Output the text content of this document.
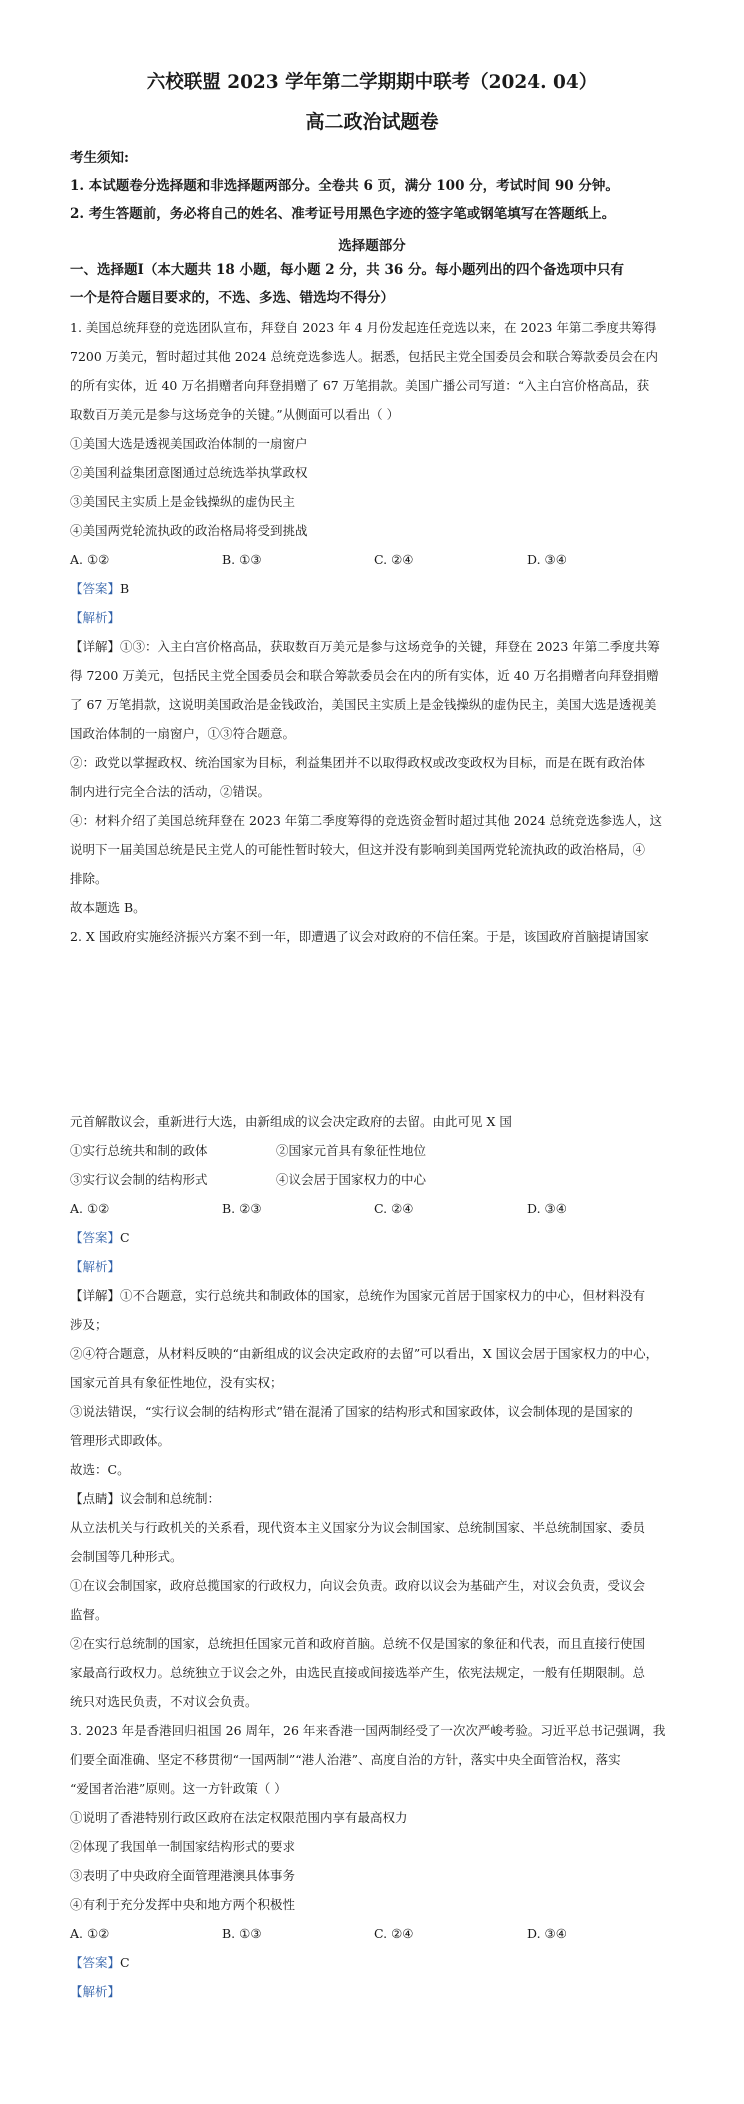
六校联盟 2023 学年第二学期期中联考（2024. 04）
高二政治试题卷
考生须知:
1. 本试题卷分选择题和非选择题两部分。全卷共 6 页，满分 100 分，考试时间 90 分钟。
2. 考生答题前，务必将自己的姓名、准考证号用黑色字迹的签字笔或钢笔填写在答题纸上。
选择题部分
一、选择题Ⅰ（本大题共 18 小题，每小题 2 分，共 36 分。每小题列出的四个备选项中只有
一个是符合题目要求的，不选、多选、错选均不得分）
1. 美国总统拜登的竞选团队宣布，拜登自 2023 年 4 月份发起连任竞选以来，在 2023 年第二季度共筹得
7200 万美元，暂时超过其他 2024 总统竞选参选人。据悉，包括民主党全国委员会和联合筹款委员会在内
的所有实体，近 40 万名捐赠者向拜登捐赠了 67 万笔捐款。美国广播公司写道：“入主白宫价格高品，获
取数百万美元是参与这场竞争的关键。”从侧面可以看出（ ）
①美国大选是透视美国政治体制的一扇窗户
②美国利益集团意图通过总统选举执掌政权
③美国民主实质上是金钱操纵的虚伪民主
④美国两党轮流执政的政治格局将受到挑战
A. ①②	B. ①③	C. ②④	D. ③④
【答案】B
【解析】
【详解】①③：入主白宫价格高品，获取数百万美元是参与这场竞争的关键，拜登在 2023 年第二季度共筹
得 7200 万美元，包括民主党全国委员会和联合筹款委员会在内的所有实体，近 40 万名捐赠者向拜登捐赠
了 67 万笔捐款，这说明美国政治是金钱政治，美国民主实质上是金钱操纵的虚伪民主，美国大选是透视美
国政治体制的一扇窗户，①③符合题意。
②：政党以掌握政权、统治国家为目标，利益集团并不以取得政权或改变政权为目标，而是在既有政治体
制内进行完全合法的活动，②错误。
④：材料介绍了美国总统拜登在 2023 年第二季度筹得的竞选资金暂时超过其他 2024 总统竞选参选人，这
说明下一届美国总统是民主党人的可能性暂时较大，但这并没有影响到美国两党轮流执政的政治格局，④
排除。
故本题选 B。
2. X 国政府实施经济振兴方案不到一年，即遭遇了议会对政府的不信任案。于是，该国政府首脑提请国家
元首解散议会，重新进行大选，由新组成的议会决定政府的去留。由此可见 X 国
①实行总统共和制的政体	②国家元首具有象征性地位
③实行议会制的结构形式	④议会居于国家权力的中心
A. ①②	B. ②③	C. ②④	D. ③④
【答案】C
【解析】
【详解】①不合题意，实行总统共和制政体的国家，总统作为国家元首居于国家权力的中心，但材料没有
涉及；
②④符合题意，从材料反映的“由新组成的议会决定政府的去留”可以看出，X 国议会居于国家权力的中心，
国家元首具有象征性地位，没有实权；
③说法错误，“实行议会制的结构形式”错在混淆了国家的结构形式和国家政体，议会制体现的是国家的
管理形式即政体。
故选：C。
【点睛】议会制和总统制：
从立法机关与行政机关的关系看，现代资本主义国家分为议会制国家、总统制国家、半总统制国家、委员
会制国等几种形式。
①在议会制国家，政府总揽国家的行政权力，向议会负责。政府以议会为基础产生，对议会负责，受议会
监督。
②在实行总统制的国家，总统担任国家元首和政府首脑。总统不仅是国家的象征和代表，而且直接行使国
家最高行政权力。总统独立于议会之外，由选民直接或间接选举产生，依宪法规定，一般有任期限制。总
统只对选民负责，不对议会负责。
3. 2023 年是香港回归祖国 26 周年，26 年来香港一国两制经受了一次次严峻考验。习近平总书记强调，我
们要全面准确、坚定不移贯彻“一国两制”“港人治港”、高度自治的方针，落实中央全面管治权，落实
“爱国者治港”原则。这一方针政策（ ）
①说明了香港特别行政区政府在法定权限范围内享有最高权力
②体现了我国单一制国家结构形式的要求
③表明了中央政府全面管理港澳具体事务
④有利于充分发挥中央和地方两个积极性
A. ①②	B. ①③	C. ②④	D. ③④
【答案】C
【解析】
